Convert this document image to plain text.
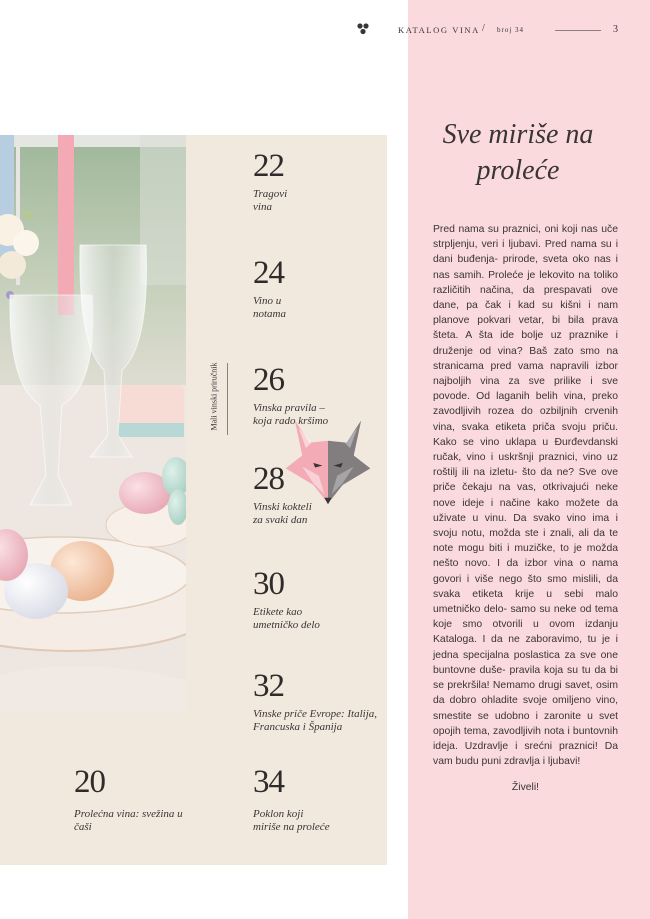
KATALOG VINA / broj 34	3
Mali vinski priručnik
20
Prolećna vina: svežina u čaši
22
Tragovi vina
24
Vino u notama
26
Vinska pravila – koja rado kršimo
28
Vinski kokteli za svaki dan
30
Etikete kao umetničko delo
32
Vinske priče Evrope: Italija, Francuska i Španija
34
Poklon koji miriše na proleće
Sve miriše na proleće
Pred nama su praznici, oni koji nas uče strpljenju, veri i ljubavi. Pred nama su i dani buđenja- prirode, sveta oko nas i nas samih. Proleće je lekovito na toliko različitih načina, da prespavati ove dane, pa čak i kad su kišni i nam planove pokvari vetar, bi bila prava šteta. A šta ide bolje uz praznike i druženje od vina? Baš zato smo na stranicama pred vama napravili izbor najboljih vina za sve prilike i sve povode. Od laganih belih vina, preko zavodljivih rozea do ozbiljnih crvenih vina, svaka etiketa priča svoju priču. Kako se vino uklapa u Đurđevdanski ručak, vino i uskršnji praznici, vino uz roštilj ili na izletu- što da ne? Sve ove priče čekaju na vas, otkrivajući neke nove ideje i načine kako možete da uživate u vinu. Da svako vino ima i svoju notu, možda ste i znali, ali da te note mogu biti i muzičke, to je možda nešto novo. I da izbor vina o nama govori i više nego što smo mislili, da svaka etiketa krije u sebi malo umetničko delo- samo su neke od tema koje smo otvorili u ovom izdanju Kataloga. I da ne zaboravimo, tu je i jedna specijalna poslastica za sve one buntovne duše- pravila koja su tu da bi se prekršila! Nemamo drugi savet, osim da dobro ohladite svoje omiljeno vino, smestite se udobno i zaronite u svet opojih tema, zavodljivih nota i buntovnih ideja. Uzdravlje i srećni praznici! Da vam budu puni zdravlja i ljubavi!
Živeli!
